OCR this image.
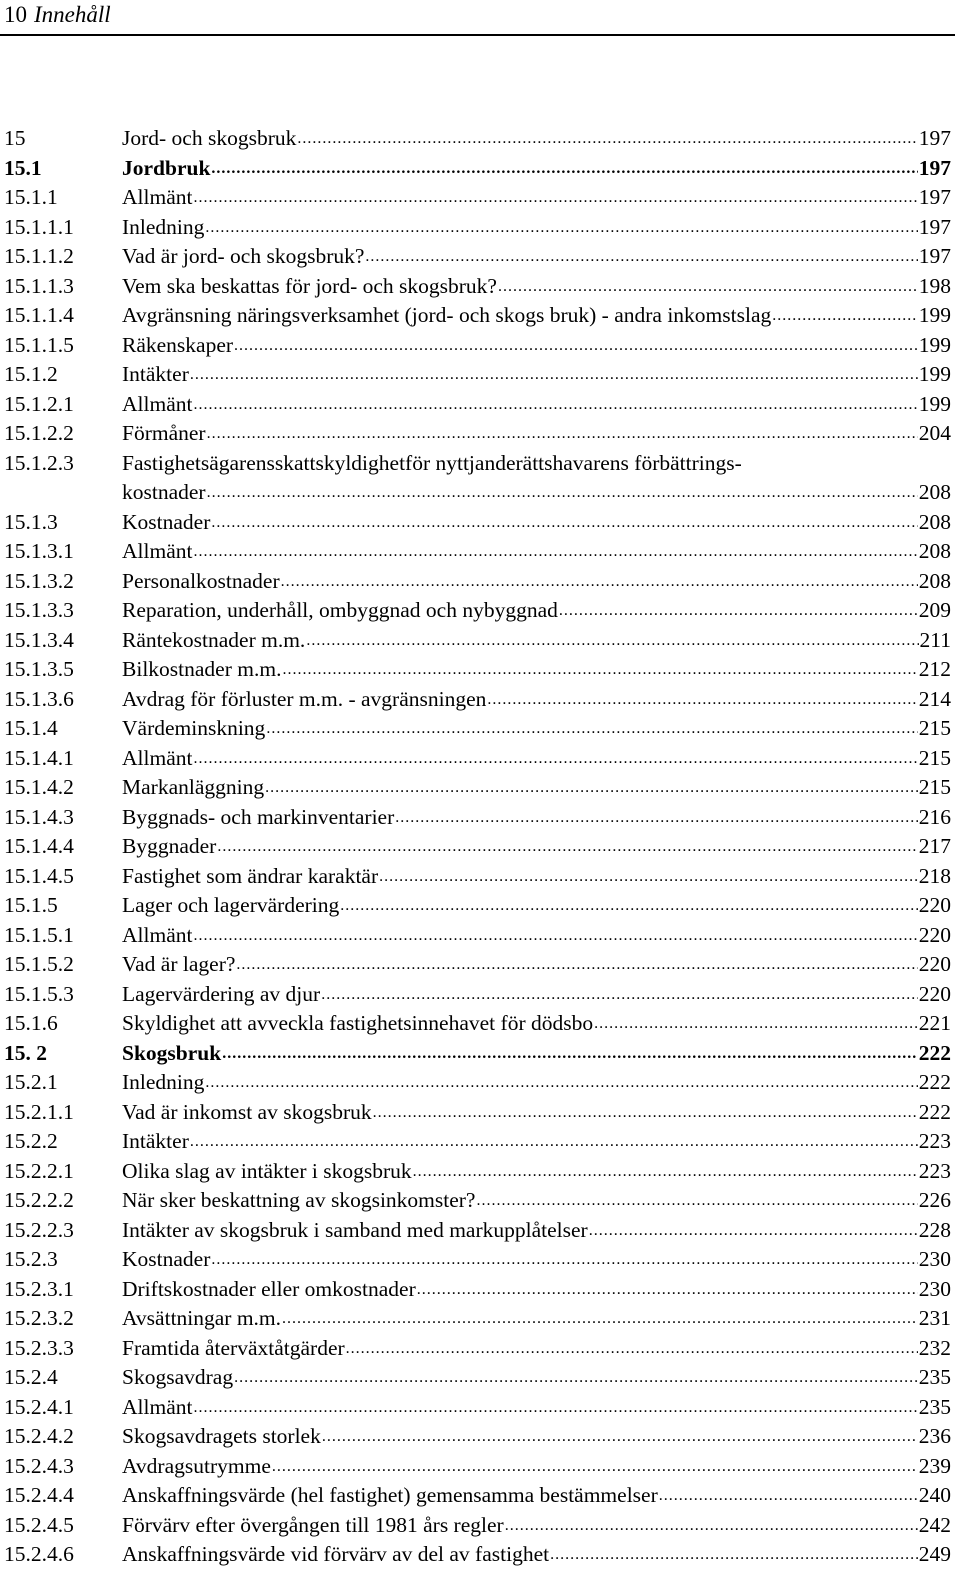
10 Innehåll
15	Jord- och skogsbruk .....	197
15.1	Jordbruk .....	197
15.1.1	Allmänt .....	197
15.1.1.1	Inledning .....	197
15.1.1.2	Vad är jord- och skogsbruk? .....	197
15.1.1.3	Vem ska beskattas för jord- och skogsbruk? .....	198
15.1.1.4	Avgränsning näringsverksamhet (jord- och skogs bruk) - andra inkomstslag .....	199
15.1.1.5	Räkenskaper .....	199
15.1.2	Intäkter .....	199
15.1.2.1	Allmänt .....	199
15.1.2.2	Förmåner .....	204
15.1.2.3	Fastighetsägarensskattskyldighetför nyttjanderättshavarens förbättrings-
kostnader .....	208
15.1.3	Kostnader .....	208
15.1.3.1	Allmänt .....	208
15.1.3.2	Personalkostnader .....	208
15.1.3.3	Reparation, underhåll, ombyggnad och nybyggnad .....	209
15.1.3.4	Räntekostnader m.m. .....	211
15.1.3.5	Bilkostnader m.m. .....	212
15.1.3.6	Avdrag för förluster m.m. - avgränsningen .....	214
15.1.4	Värdeminskning .....	215
15.1.4.1	Allmänt .....	215
15.1.4.2	Markanläggning .....	215
15.1.4.3	Byggnads- och markinventarier .....	216
15.1.4.4	Byggnader .....	217
15.1.4.5	Fastighet som ändrar karaktär .....	218
15.1.5	Lager och lagervärdering .....	220
15.1.5.1	Allmänt .....	220
15.1.5.2	Vad är lager? .....	220
15.1.5.3	Lagervärdering av djur .....	220
15.1.6	Skyldighet att avveckla fastighetsinnehavet för dödsbo .....	221
15. 2	Skogsbruk .....	222
15.2.1	Inledning .....	222
15.2.1.1	Vad är inkomst av skogsbruk .....	222
15.2.2	Intäkter .....	223
15.2.2.1	Olika slag av intäkter i skogsbruk .....	223
15.2.2.2	När sker beskattning av skogsinkomster? .....	226
15.2.2.3	Intäkter av skogsbruk i samband med markupplåtelser .....	228
15.2.3	Kostnader .....	230
15.2.3.1	Driftskostnader eller omkostnader .....	230
15.2.3.2	Avsättningar m.m. .....	231
15.2.3.3	Framtida återväxtåtgärder .....	232
15.2.4	Skogsavdrag .....	235
15.2.4.1	Allmänt .....	235
15.2.4.2	Skogsavdragets storlek .....	236
15.2.4.3	Avdragsutrymme .....	239
15.2.4.4	Anskaffningsvärde (hel fastighet) gemensamma bestämmelser .....	240
15.2.4.5	Förvärv efter övergången till 1981 års regler .....	242
15.2.4.6	Anskaffningsvärde vid förvärv av del av fastighet .....	249
